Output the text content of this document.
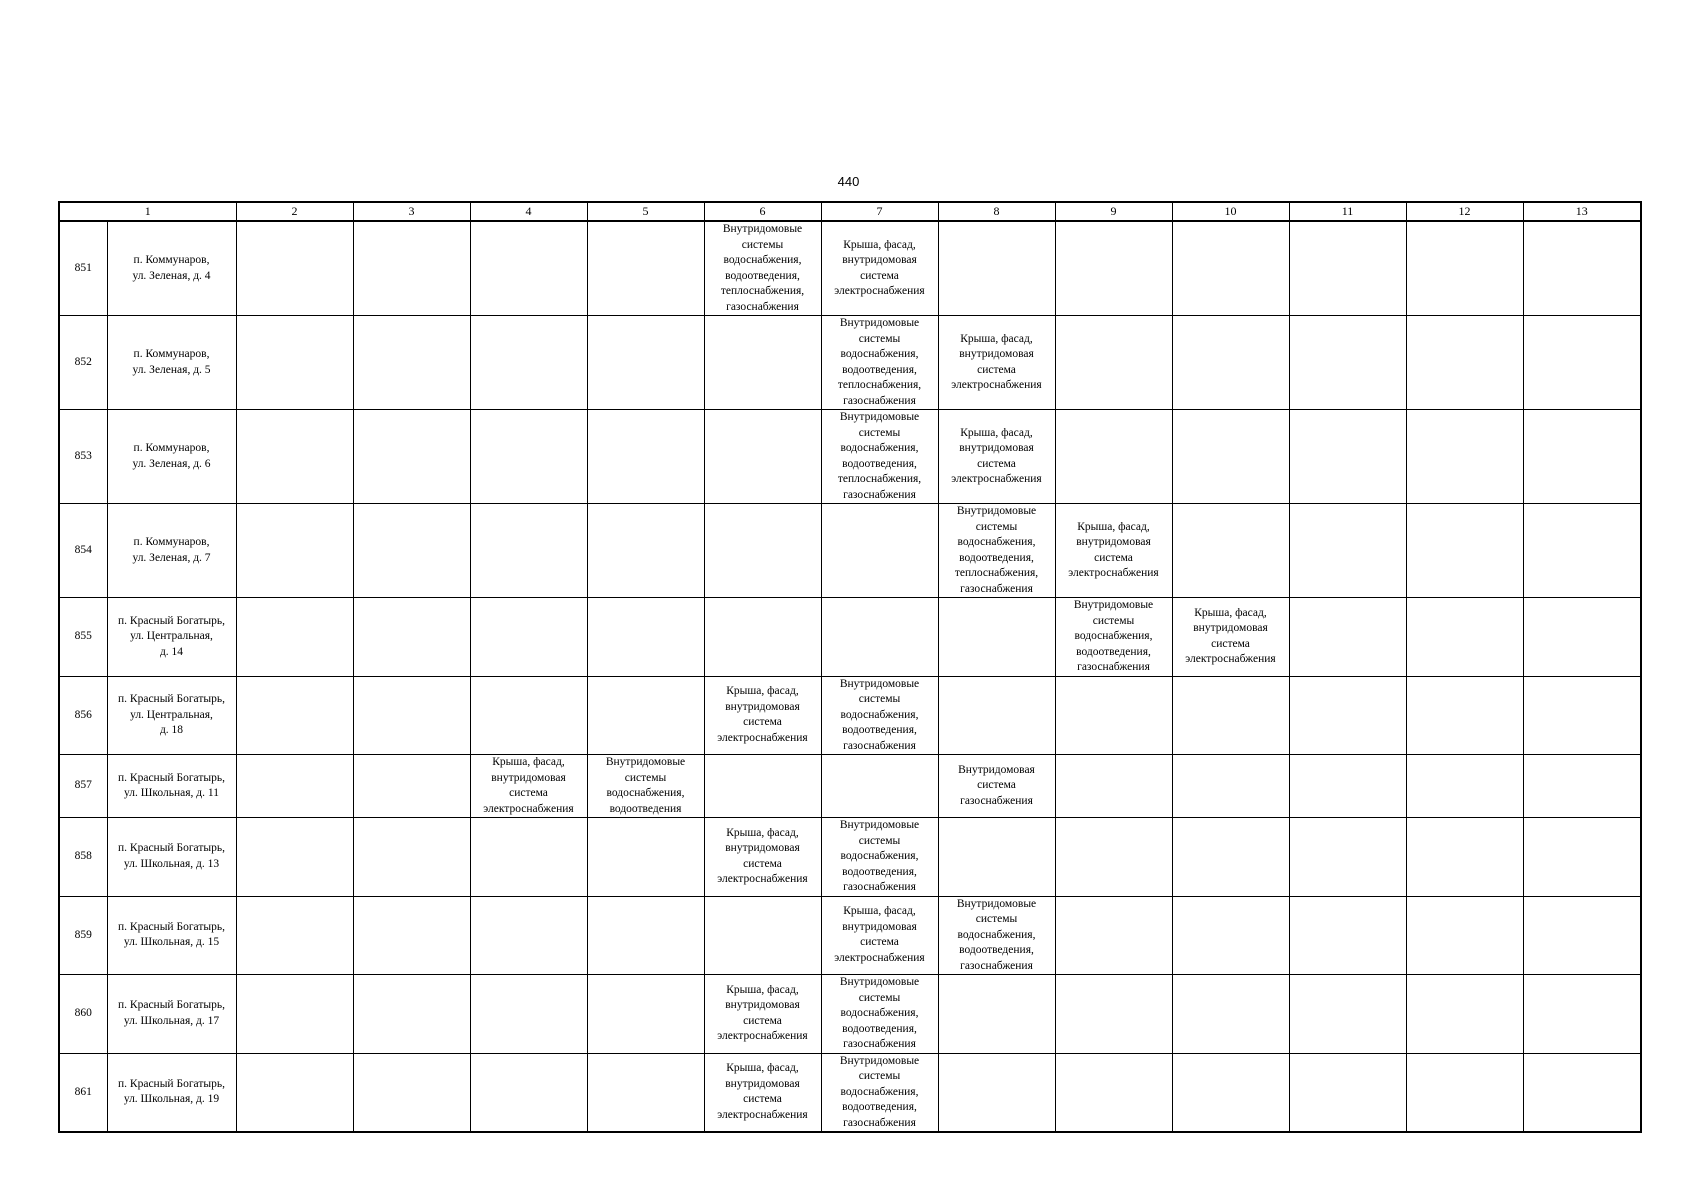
440
1		2	3	4	5	6	7	8	9	10	11	12	13
851	п. Коммунаров,
ул. Зеленая, д. 4					Внутридомовые системы водоснабжения, водоотведения, теплоснабжения, газоснабжения	Крыша, фасад, внутридомовая система электроснабжения						
852	п. Коммунаров,
ул. Зеленая, д. 5						Внутридомовые системы водоснабжения, водоотведения, теплоснабжения, газоснабжения	Крыша, фасад, внутридомовая система электроснабжения					
853	п. Коммунаров,
ул. Зеленая, д. 6						Внутридомовые системы водоснабжения, водоотведения, теплоснабжения, газоснабжения	Крыша, фасад, внутридомовая система электроснабжения					
854	п. Коммунаров,
ул. Зеленая, д. 7							Внутридомовые системы водоснабжения, водоотведения, теплоснабжения, газоснабжения	Крыша, фасад, внутридомовая система электроснабжения				
855	п. Красный Богатырь,
ул. Центральная,
д. 14								Внутридомовые системы водоснабжения, водоотведения, газоснабжения	Крыша, фасад, внутридомовая система электроснабжения			
856	п. Красный Богатырь,
ул. Центральная,
д. 18					Крыша, фасад, внутридомовая система электроснабжения	Внутридомовые системы водоснабжения, водоотведения, газоснабжения						
857	п. Красный Богатырь,
ул. Школьная, д. 11			Крыша, фасад, внутридомовая система электроснабжения	Внутридомовые системы водоснабжения, водоотведения			Внутридомовая система газоснабжения					
858	п. Красный Богатырь,
ул. Школьная, д. 13					Крыша, фасад, внутридомовая система электроснабжения	Внутридомовые системы водоснабжения, водоотведения, газоснабжения						
859	п. Красный Богатырь,
ул. Школьная, д. 15						Крыша, фасад, внутридомовая система электроснабжения	Внутридомовые системы водоснабжения, водоотведения, газоснабжения					
860	п. Красный Богатырь,
ул. Школьная, д. 17					Крыша, фасад, внутридомовая система электроснабжения	Внутридомовые системы водоснабжения, водоотведения, газоснабжения						
861	п. Красный Богатырь,
ул. Школьная, д. 19					Крыша, фасад, внутридомовая система электроснабжения	Внутридомовые системы водоснабжения, водоотведения, газоснабжения						
